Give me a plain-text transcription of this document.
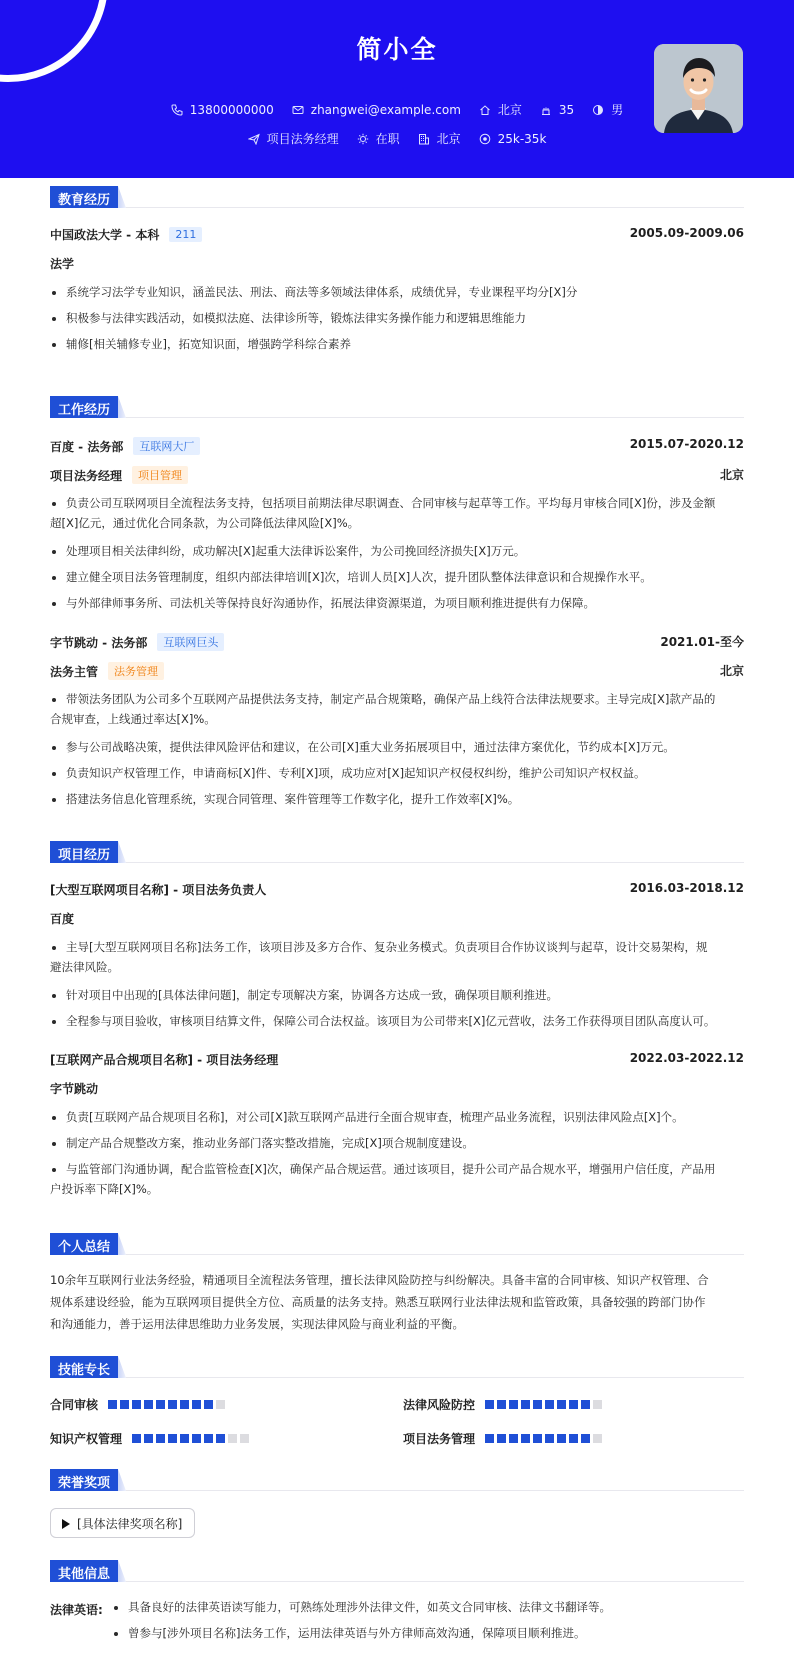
简小全
13800000000	zhangwei@example.com	北京	35	男
项目法务经理	在职	北京	25k-35k
教育经历
中国政法大学 - 本科 211	2005.09-2009.06
法学
系统学习法学专业知识，涵盖民法、刑法、商法等多领域法律体系，成绩优异，专业课程平均分[X]分
积极参与法律实践活动，如模拟法庭、法律诊所等，锻炼法律实务操作能力和逻辑思维能力
辅修[相关辅修专业]，拓宽知识面，增强跨学科综合素养
工作经历
百度 - 法务部 互联网大厂	2015.07-2020.12
项目法务经理 项目管理	北京
负责公司互联网项目全流程法务支持，包括项目前期法律尽职调查、合同审核与起草等工作。平均每月审核合同[X]份，涉及金额
超[X]亿元，通过优化合同条款，为公司降低法律风险[X]%。
处理项目相关法律纠纷，成功解决[X]起重大法律诉讼案件，为公司挽回经济损失[X]万元。
建立健全项目法务管理制度，组织内部法律培训[X]次，培训人员[X]人次，提升团队整体法律意识和合规操作水平。
与外部律师事务所、司法机关等保持良好沟通协作，拓展法律资源渠道，为项目顺利推进提供有力保障。
字节跳动 - 法务部 互联网巨头	2021.01-至今
法务主管 法务管理	北京
带领法务团队为公司多个互联网产品提供法务支持，制定产品合规策略，确保产品上线符合法律法规要求。主导完成[X]款产品的
合规审查，上线通过率达[X]%。
参与公司战略决策，提供法律风险评估和建议，在公司[X]重大业务拓展项目中，通过法律方案优化，节约成本[X]万元。
负责知识产权管理工作，申请商标[X]件、专利[X]项，成功应对[X]起知识产权侵权纠纷，维护公司知识产权权益。
搭建法务信息化管理系统，实现合同管理、案件管理等工作数字化，提升工作效率[X]%。
项目经历
[大型互联网项目名称] - 项目法务负责人	2016.03-2018.12
百度
主导[大型互联网项目名称]法务工作，该项目涉及多方合作、复杂业务模式。负责项目合作协议谈判与起草，设计交易架构，规
避法律风险。
针对项目中出现的[具体法律问题]，制定专项解决方案，协调各方达成一致，确保项目顺利推进。
全程参与项目验收，审核项目结算文件，保障公司合法权益。该项目为公司带来[X]亿元营收，法务工作获得项目团队高度认可。
[互联网产品合规项目名称] - 项目法务经理	2022.03-2022.12
字节跳动
负责[互联网产品合规项目名称]，对公司[X]款互联网产品进行全面合规审查，梳理产品业务流程，识别法律风险点[X]个。
制定产品合规整改方案，推动业务部门落实整改措施，完成[X]项合规制度建设。
与监管部门沟通协调，配合监管检查[X]次，确保产品合规运营。通过该项目，提升公司产品合规水平，增强用户信任度，产品用
户投诉率下降[X]%。
个人总结
10余年互联网行业法务经验，精通项目全流程法务管理，擅长法律风险防控与纠纷解决。具备丰富的合同审核、知识产权管理、合
规体系建设经验，能为互联网项目提供全方位、高质量的法务支持。熟悉互联网行业法律法规和监管政策，具备较强的跨部门协作
和沟通能力，善于运用法律思维助力业务发展，实现法律风险与商业利益的平衡。
技能专长
合同审核	法律风险防控
知识产权管理	项目法务管理
荣誉奖项
[具体法律奖项名称]
其他信息
法律英语:	具备良好的法律英语读写能力，可熟练处理涉外法律文件，如英文合同审核、法律文书翻译等。
曾参与[涉外项目名称]法务工作，运用法律英语与外方律师高效沟通，保障项目顺利推进。
